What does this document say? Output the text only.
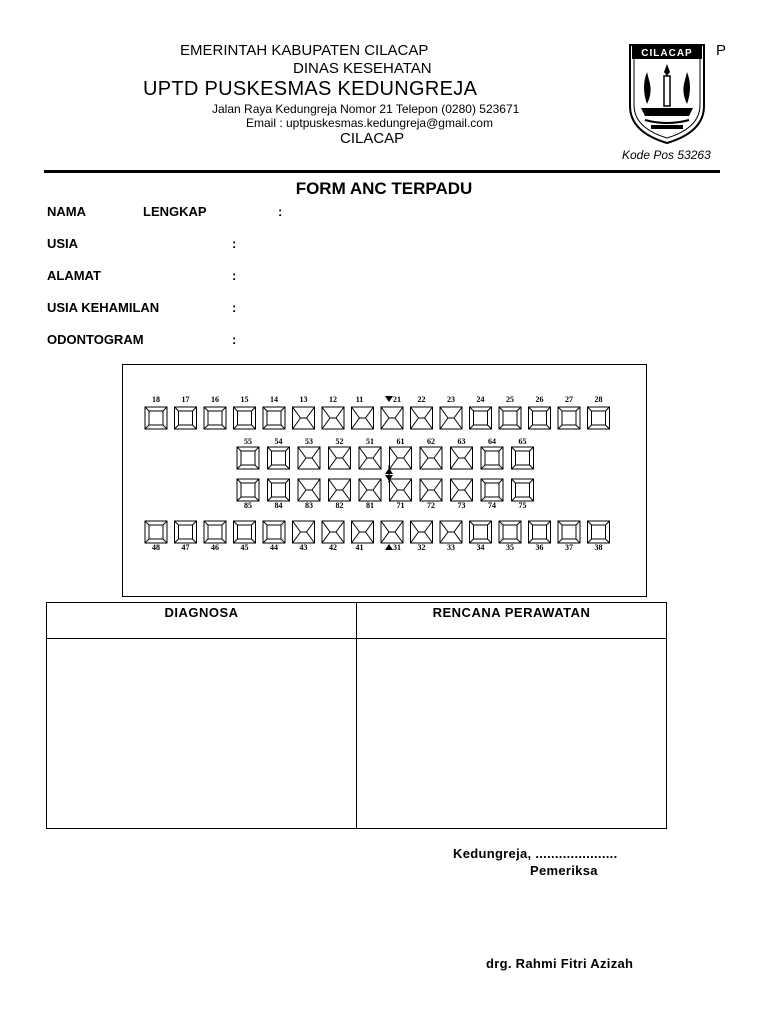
EMERINTAH KABUPATEN CILACAP
DINAS KESEHATAN
UPTD PUSKESMAS KEDUNGREJA
Jalan Raya Kedungreja Nomor 21 Telepon (0280) 523671
Email : uptpuskesmas.kedungreja@gmail.com
CILACAP
P
Kode Pos 53263
CILACAP
FORM ANC TERPADU
NAMA	LENGKAP	:
USIA	:
ALAMAT	:
USIA KEHAMILAN	:
ODONTOGRAM	:
18
48
17
47
16
46
15
45
14
44
13
43
12
42
11
41
21
31
22
32
23
33
24
34
25
35
26
36
27
37
28
38
55
85
54
84
53
83
52
82
51
81
61
71
62
72
63
73
64
74
65
75
DIAGNOSA	RENCANA PERAWATAN

Kedungreja, .....................
Pemeriksa
drg. Rahmi Fitri Azizah
